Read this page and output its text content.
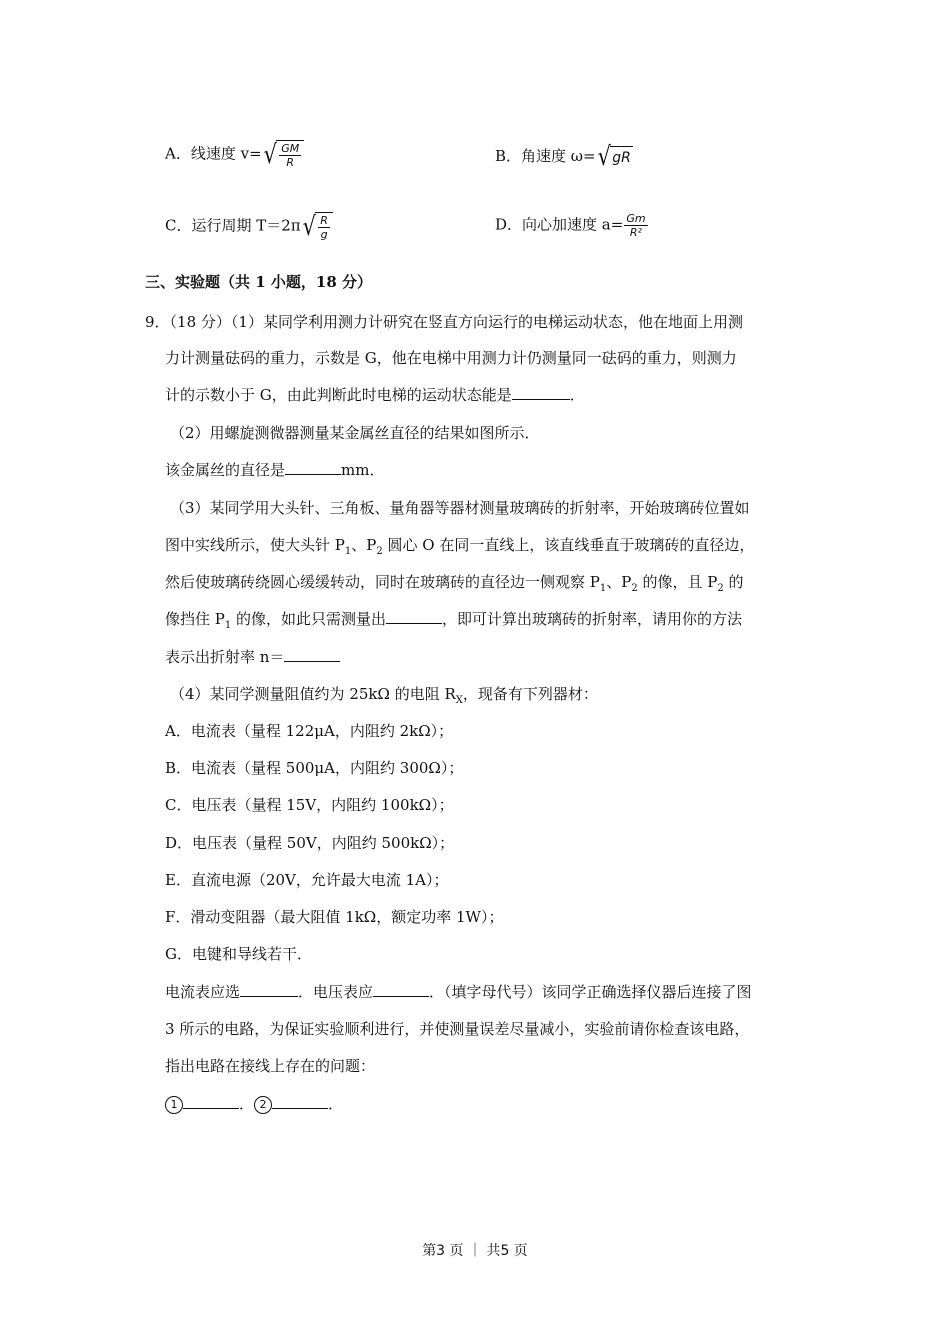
A．线速度 v= √ $\frac{GM}{R}$	B．角速度 ω= √ gR
C．运行周期 T＝2π √ $\frac{R}{g}$	D．向心加速度 $a= \frac{Gm}{\text{R²}}$
三、实验题（共 1 小题，18 分）
9．（18 分）（1）某同学利用测力计研究在竖直方向运行的电梯运动状态，他在地面上用测
力计测量砝码的重力，示数是 G，他在电梯中用测力计仍测量同一砝码的重力，则测力
计的示数小于 G，由此判断此时电梯的运动状态能是	．
（2）用螺旋测微器测量某金属丝直径的结果如图所示．
该金属丝的直径是	mm．
（3）某同学用大头针、三角板、量角器等器材测量玻璃砖的折射率，开始玻璃砖位置如
图中实线所示，使大头针 $P_1$、$P_2$ 圆心 O 在同一直线上，该直线垂直于玻璃砖的直径边，
然后使玻璃砖绕圆心缓缓转动，同时在玻璃砖的直径边一侧观察 $P_1$、$P_2$ 的像，且 $P_2$ 的
像挡住 $P_1$ 的像，如此只需测量出	，即可计算出玻璃砖的折射率，请用你的方法
表示出折射率 n＝
（4）某同学测量阻值约为 25kΩ 的电阻 $R_X$，现备有下列器材：
A．电流表（量程 122μA，内阻约 2kΩ）；
B．电流表（量程 500μA，内阻约 300Ω）；
C．电压表（量程 15V，内阻约 100kΩ）；
D．电压表（量程 50V，内阻约 500kΩ）；
E．直流电源（20V，允许最大电流 1A）；
F．滑动变阻器（最大阻值 1kΩ，额定功率 1W）；
G．电键和导线若干．
电流表应选	．电压表应	．（填字母代号）该同学正确选择仪器后连接了图
3 所示的电路，为保证实验顺利进行，并使测量误差尽量减小，实验前请你检查该电路，
指出电路在接线上存在的问题：
1	． 2	．
第3 页 ｜ 共5 页
